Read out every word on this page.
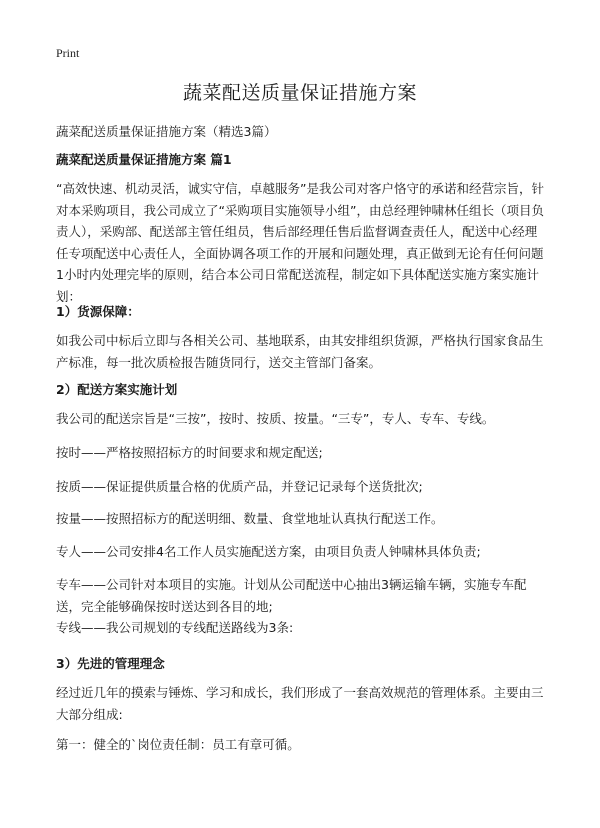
Print
蔬菜配送质量保证措施方案
蔬菜配送质量保证措施方案（精选3篇）
蔬菜配送质量保证措施方案 篇1

“高效快速、机动灵活，诚实守信，卓越服务”是我公司对客户恪守的承诺和经营宗旨，针对本采购项目，我公司成立了“采购项目实施领导小组”，由总经理钟啸林任组长（项目负责人），采购部、配送部主管任组员，售后部经理任售后监督调查责任人，配送中心经理任专项配送中心责任人，全面协调各项工作的开展和问题处理，真正做到无论有任何问题1小时内处理完毕的原则，结合本公司日常配送流程，制定如下具体配送实施方案实施计划：

1）货源保障：

如我公司中标后立即与各相关公司、基地联系，由其安排组织货源，严格执行国家食品生产标准，每一批次质检报告随货同行，送交主管部门备案。

2）配送方案实施计划

我公司的配送宗旨是“三按”，按时、按质、按量。“三专”，专人、专车、专线。

按时——严格按照招标方的时间要求和规定配送;

按质——保证提供质量合格的优质产品，并登记记录每个送货批次;

按量——按照招标方的配送明细、数量、食堂地址认真执行配送工作。

专人——公司安排4名工作人员实施配送方案，由项目负责人钟啸林具体负责;

专车——公司针对本项目的实施。计划从公司配送中心抽出3辆运输车辆，实施专车配送，完全能够确保按时送达到各目的地;

专线——我公司规划的专线配送路线为3条:

3）先进的管理理念

经过近几年的摸索与锤炼、学习和成长，我们形成了一套高效规范的管理体系。主要由三大部分组成:

第一：健全的`岗位责任制：员工有章可循。
